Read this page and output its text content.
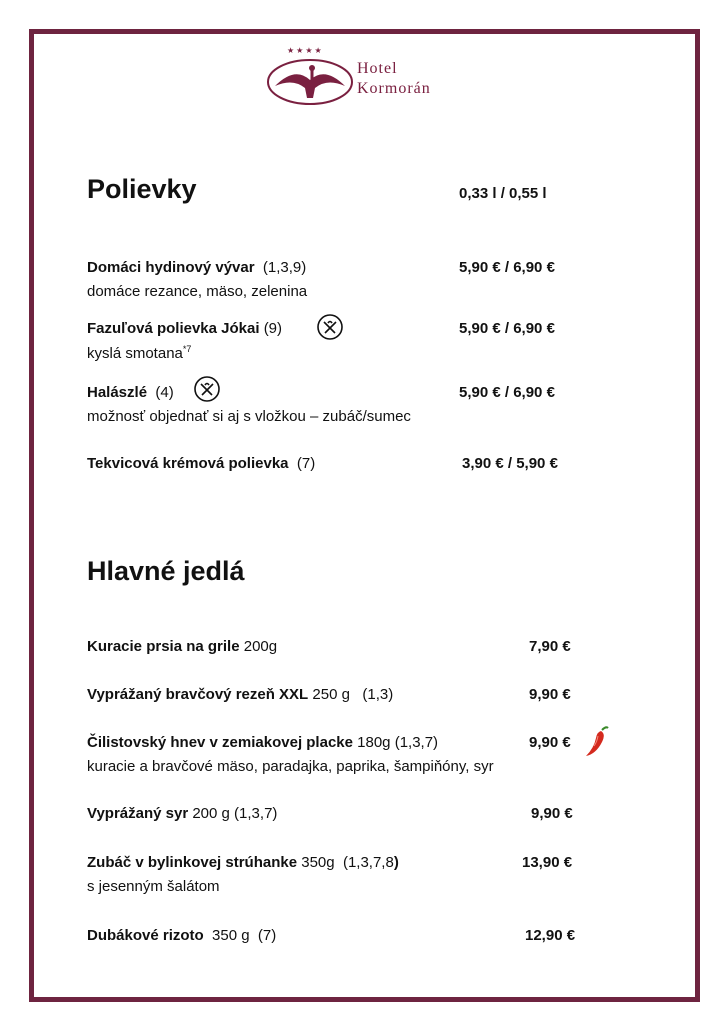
★★★★
Hotel
Kormorán
Polievky	0,33 l / 0,55 l
Domáci hydinový vývar (1,3,9)	5,90 € / 6,90 €
domáce rezance, mäso, zelenina
Fazuľová polievka Jókai (9)	5,90 € / 6,90 €
kyslá smotana$^{*7}$
Halászlé (4)	5,90 € / 6,90 €
možnosť objednať si aj s vložkou – zubáč/sumec
Tekvicová krémová polievka (7)	3,90 € / 5,90 €
Hlavné jedlá
Kuracie prsia na grile 200g	7,90 €
Vyprážaný bravčový rezeň XXL 250 g   (1,3)	9,90 €
Čilistovský hnev v zemiakovej placke 180g (1,3,7)	9,90 €
kuracie a bravčové mäso, paradajka, paprika, šampiňóny, syr
Vyprážaný syr 200 g (1,3,7)	9,90 €
Zubáč v bylinkovej strúhanke 350g  (1,3,7,8)	13,90 €
s jesenným šalátom
Dubákové rizoto  350 g  (7)	12,90 €
